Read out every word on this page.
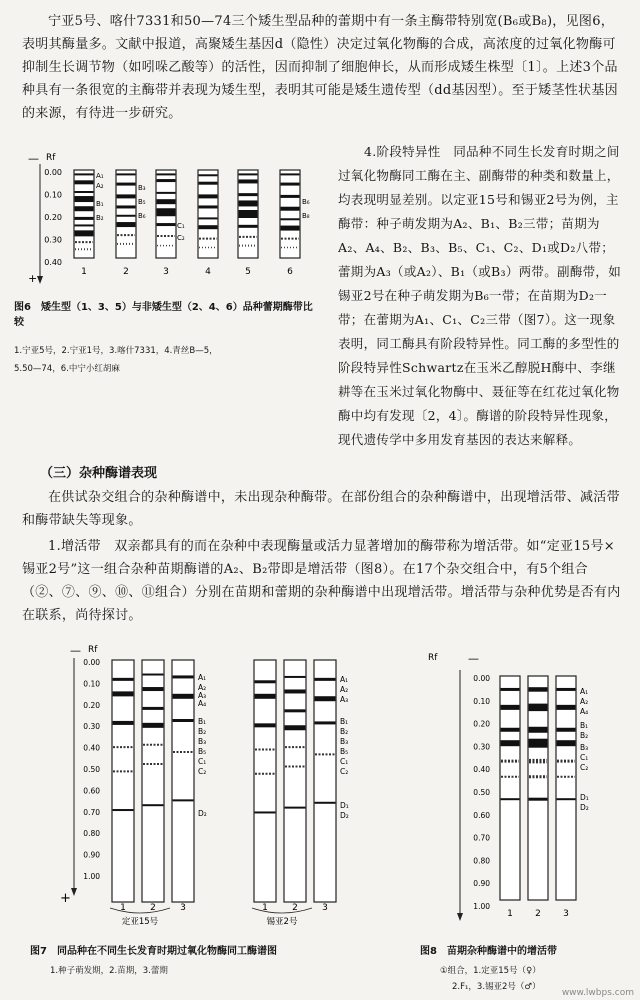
宁亚5号、喀什7331和50—74三个矮生型品种的蕾期中有一条主酶带特别宽(B₆或B₈)，见图6，表明其酶量多。文献中报道，高聚矮生基因d（隐性）决定过氧化物酶的合成，高浓度的过氧化物酶可抑制生长调节物（如吲哚乙酸等）的活性，因而抑制了细胞伸长，从而形成矮生株型〔1〕。上述3个品种具有一条很宽的主酶带并表现为矮生型，表明其可能是矮生遗传型（dd基因型）。至于矮茎性状基因的来源，有待进一步研究。

Rf
—
+
0.00
0.10
0.20
0.30
0.40
A₁
A₂
B₁
B₂
B₃
B₅
B₆
C₁
C₂
B₆
B₈
1	2	3	4	5	6
图6　矮生型（1、3、5）与非矮生型（2、4、6）品种蕾期酶带比较
1.宁亚5号，2.宁亚1号，3.喀什7331，4.青丝B—5，
5.50—74，6.中宁小红胡麻

4.阶段特异性　同品种不同生长发育时期之间过氧化物酶同工酶在主、副酶带的种类和数量上，均表现明显差别。以定亚15号和锡亚2号为例，主酶带：种子萌发期为A₂、B₁、B₂三带；苗期为A₂、A₄、B₂、B₃、B₅、C₁、C₂、D₁或D₂八带；蕾期为A₃（或A₂）、B₁（或B₃）两带。副酶带，如锡亚2号在种子萌发期为B₆一带；在苗期为D₂一带；在蕾期为A₁、C₁、C₂三带（图7）。这一现象表明，同工酶具有阶段特异性。同工酶的多型性的阶段特异性Schwartz在玉米乙醇脱H酶中、李继耕等在玉米过氧化物酶中、聂征等在红花过氧化物酶中均有发现〔2，4〕。酶谱的阶段特异性现象，现代遗传学中多用发育基因的表达来解释。

（三）杂种酶谱表现

在供试杂交组合的杂种酶谱中，未出现杂种酶带。在部份组合的杂种酶谱中，出现增活带、减活带和酶带缺失等现象。

1.增活带　双亲都具有的而在杂种中表现酶量或活力显著增加的酶带称为增活带。如“定亚15号×锡亚2号”这一组合杂种苗期酶谱的A₂、B₂带即是增活带（图8）。在17个杂交组合中，有5个组合（②、⑦、⑨、⑩、⑪组合）分别在苗期和蕾期的杂种酶谱中出现增活带。增活带与杂种优势是否有内在联系，尚待探讨。

Rf
—
+
0.00
0.10
0.20
0.30
0.40
0.50
0.60
0.70
0.80
0.90
1.00
A₁
A₂
A₃
A₄
B₁
B₂
B₃
B₅
C₁
C₂
D₂
A₁
A₂
A₃
B₁
B₂
B₃
B₅
C₁
C₂
D₁
D₂
1	2	3	1	2	3
定亚15号	锡亚2号
图7　同品种在不同生长发育时期过氧化物酶同工酶谱图
1.种子萌发期，2.苗期，3.蕾期
Rf	—
0.00
0.10
0.20
0.30
0.40
0.50
0.60
0.70
0.80
0.90
1.00
A₁
A₂
A₄
B₁
B₂
B₃
C₁
C₂
D₁
D₂
1 2 3
图8　苗期杂种酶谱中的增活带
①组合，1.定亚15号（♀）
2.F₁，3.锡亚2号（♂）
www.lwbps.com
